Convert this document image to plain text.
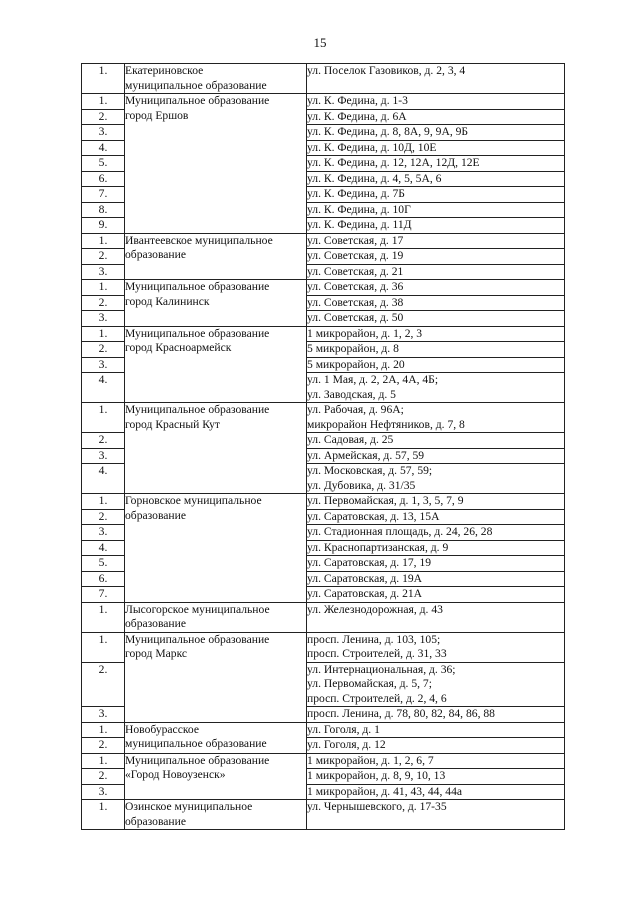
15
1.	Екатериновское
муниципальное образование	ул. Поселок Газовиков, д. 2, 3, 4

1.	Муниципальное образование
город Ершов	ул. К. Федина, д. 1-3

2.		ул. К. Федина, д. 6А

3.		ул. К. Федина, д. 8, 8А, 9, 9А, 9Б

4.		ул. К. Федина, д. 10Д, 10Е

5.		ул. К. Федина, д. 12, 12А, 12Д, 12Е

6.		ул. К. Федина, д. 4, 5, 5А, 6

7.		ул. К. Федина, д. 7Б

8.		ул. К. Федина, д. 10Г

9.		ул. К. Федина, д. 11Д

1.	Ивантеевское муниципальное
образование	ул. Советская, д. 17

2.		ул. Советская, д. 19

3.		ул. Советская, д. 21

1.	Муниципальное образование
город Калининск	ул. Советская, д. 36

2.		ул. Советская, д. 38

3.		ул. Советская, д. 50

1.	Муниципальное образование
город Красноармейск	1 микрорайон, д. 1, 2, 3

2.		5 микрорайон, д. 8

3.		5 микрорайон, д. 20

4.		ул. 1 Мая, д. 2, 2А, 4А, 4Б;
ул. Заводская, д. 5

1.	Муниципальное образование
город Красный Кут	ул. Рабочая, д. 96А;
микрорайон Нефтяников, д. 7, 8

2.		ул. Садовая, д. 25

3.		ул. Армейская, д. 57, 59

4.		ул. Московская, д. 57, 59;
ул. Дубовика, д. 31/35

1.	Горновское муниципальное
образование	ул. Первомайская, д. 1, 3, 5, 7, 9

2.		ул. Саратовская, д. 13, 15А

3.		ул. Стадионная площадь, д. 24, 26, 28

4.		ул. Краснопартизанская, д. 9

5.		ул. Саратовская, д. 17, 19

6.		ул. Саратовская, д. 19А

7.		ул. Саратовская, д. 21А

1.	Лысогорское муниципальное
образование	ул. Железнодорожная, д. 43

1.	Муниципальное образование
город Маркс	просп. Ленина, д. 103, 105;
просп. Строителей, д. 31, 33

2.		ул. Интернациональная, д. 36;
ул. Первомайская, д. 5, 7;
просп. Строителей, д. 2, 4, 6

3.		просп. Ленина, д. 78, 80, 82, 84, 86, 88

1.	Новобурасское
муниципальное образование	ул. Гоголя, д. 1

2.		ул. Гоголя, д. 12

1.	Муниципальное образование
«Город Новоузенск»	1 микрорайон, д. 1, 2, 6, 7

2.		1 микрорайон, д. 8, 9, 10, 13

3.		1 микрорайон, д. 41, 43, 44, 44а

1.	Озинское муниципальное
образование	ул. Чернышевского, д. 17-35
